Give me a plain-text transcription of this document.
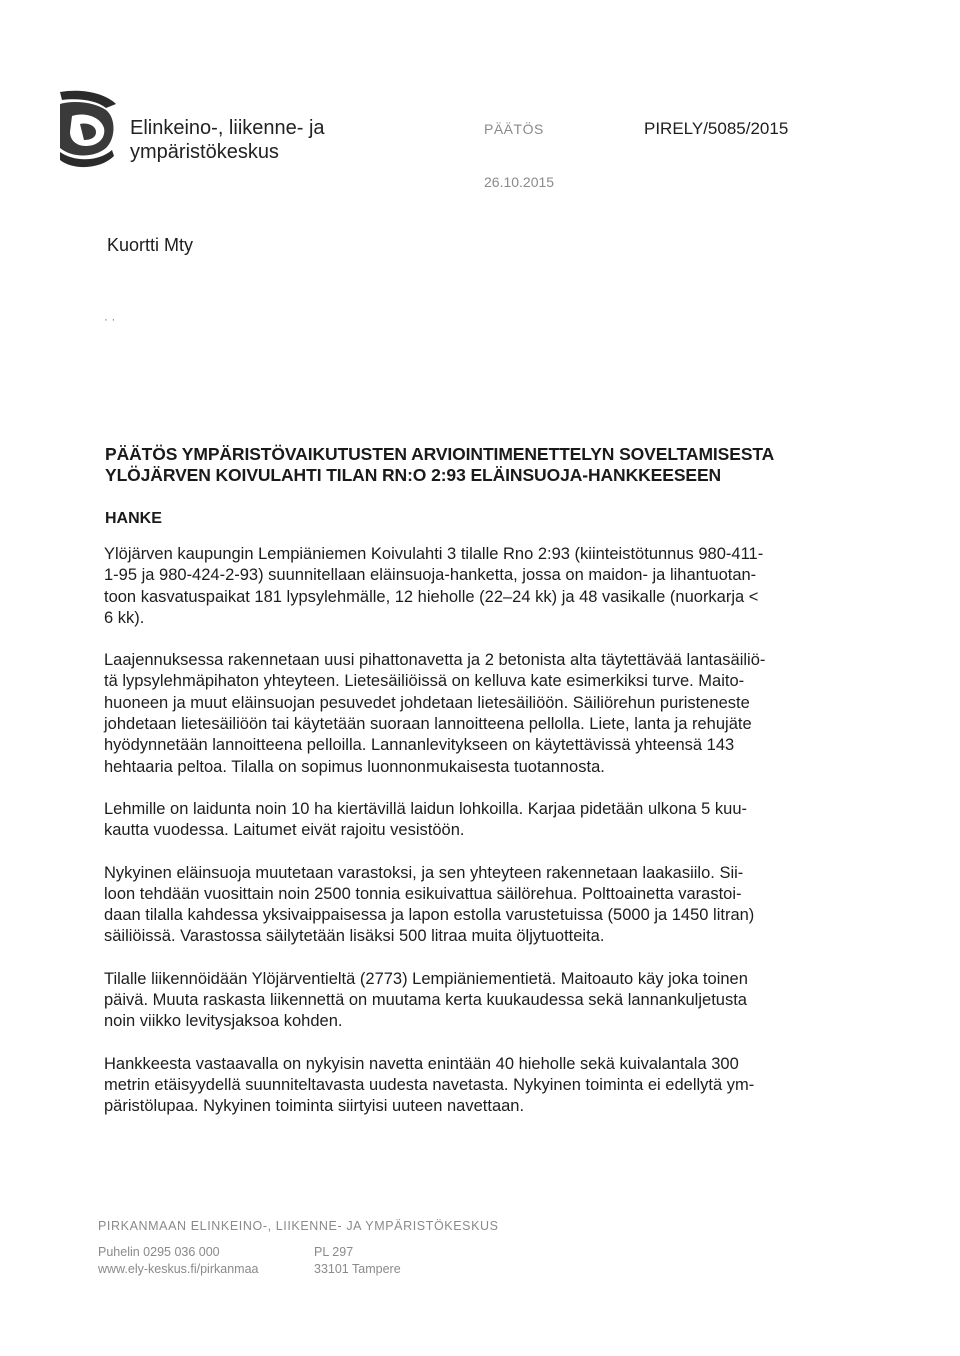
Elinkeino-, liikenne- ja
ympäristökeskus
PÄÄTÖS	PIRELY/5085/2015
26.10.2015
Kuortti Mty
· ·
PÄÄTÖS YMPÄRISTÖVAIKUTUSTEN ARVIOINTIMENETTELYN SOVELTAMISESTA
YLÖJÄRVEN KOIVULAHTI TILAN RN:O 2:93 ELÄINSUOJA-HANKKEESEEN
HANKE

Ylöjärven kaupungin Lempiäniemen Koivulahti 3 tilalle Rno 2:93 (kiinteistötunnus 980-411-
1-95 ja 980-424-2-93) suunnitellaan eläinsuoja-hanketta, jossa on maidon- ja lihantuotan-
toon kasvatuspaikat 181 lypsylehmälle, 12 hieholle (22–24 kk) ja 48 vasikalle (nuorkarja <
6 kk).

Laajennuksessa rakennetaan uusi pihattonavetta ja 2 betonista alta täytettävää lantasäiliö-
tä lypsylehmäpihaton yhteyteen. Lietesäiliöissä on kelluva kate esimerkiksi turve. Maito-
huoneen ja muut eläinsuojan pesuvedet johdetaan lietesäiliöön. Säiliörehun puristeneste
johdetaan lietesäiliöön tai käytetään suoraan lannoitteena pellolla. Liete, lanta ja rehujäte
hyödynnetään lannoitteena pelloilla. Lannanlevitykseen on käytettävissä yhteensä 143
hehtaaria peltoa. Tilalla on sopimus luonnonmukaisesta tuotannosta.

Lehmille on laidunta noin 10 ha kiertävillä laidun lohkoilla. Karjaa pidetään ulkona 5 kuu-
kautta vuodessa. Laitumet eivät rajoitu vesistöön.

Nykyinen eläinsuoja muutetaan varastoksi, ja sen yhteyteen rakennetaan laakasiilo. Sii-
loon tehdään vuosittain noin 2500 tonnia esikuivattua säilörehua. Polttoainetta varastoi-
daan tilalla kahdessa yksivaippaisessa ja lapon estolla varustetuissa (5000 ja 1450 litran)
säiliöissä. Varastossa säilytetään lisäksi 500 litraa muita öljytuotteita.

Tilalle liikennöidään Ylöjärventieltä (2773) Lempiäniementietä. Maitoauto käy joka toinen
päivä. Muuta raskasta liikennettä on muutama kerta kuukaudessa sekä lannankuljetusta
noin viikko levitysjaksoa kohden.

Hankkeesta vastaavalla on nykyisin navetta enintään 40 hieholle sekä kuivalantala 300
metrin etäisyydellä suunniteltavasta uudesta navetasta. Nykyinen toiminta ei edellytä ym-
päristölupaa. Nykyinen toiminta siirtyisi uuteen navettaan.

PIRKANMAAN ELINKEINO-, LIIKENNE- JA YMPÄRISTÖKESKUS
Puhelin 0295 036 000
www.ely-keskus.fi/pirkanmaa
PL 297
33101 Tampere
